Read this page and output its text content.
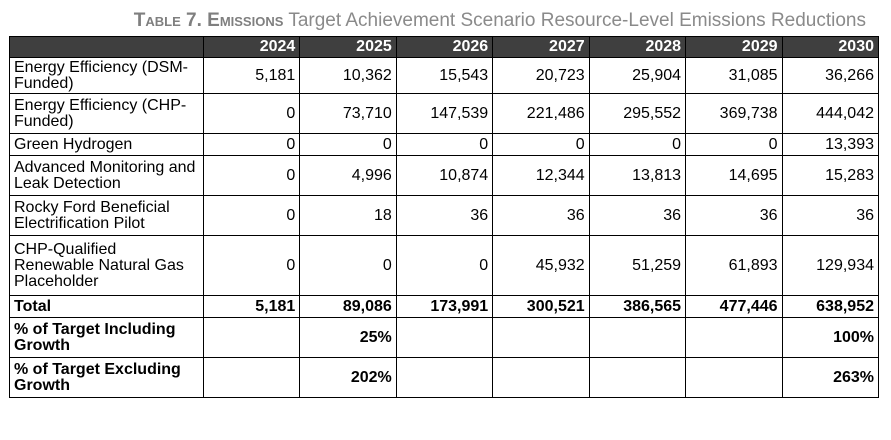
Table 7. Emissions Target Achievement Scenario Resource-Level Emissions Reductions
	2024	2025	2026	2027	2028	2029	2030
Energy Efficiency (DSM-Funded)	5,181	10,362	15,543	20,723	25,904	31,085	36,266
Energy Efficiency (CHP-Funded)	0	73,710	147,539	221,486	295,552	369,738	444,042
Green Hydrogen	0	0	0	0	0	0	13,393
Advanced Monitoring and Leak Detection	0	4,996	10,874	12,344	13,813	14,695	15,283
Rocky Ford Beneficial Electrification Pilot	0	18	36	36	36	36	36
CHP-Qualified Renewable Natural Gas Placeholder	0	0	0	45,932	51,259	61,893	129,934
Total	5,181	89,086	173,991	300,521	386,565	477,446	638,952
% of Target Including Growth		25%					100%
% of Target Excluding Growth		202%					263%
